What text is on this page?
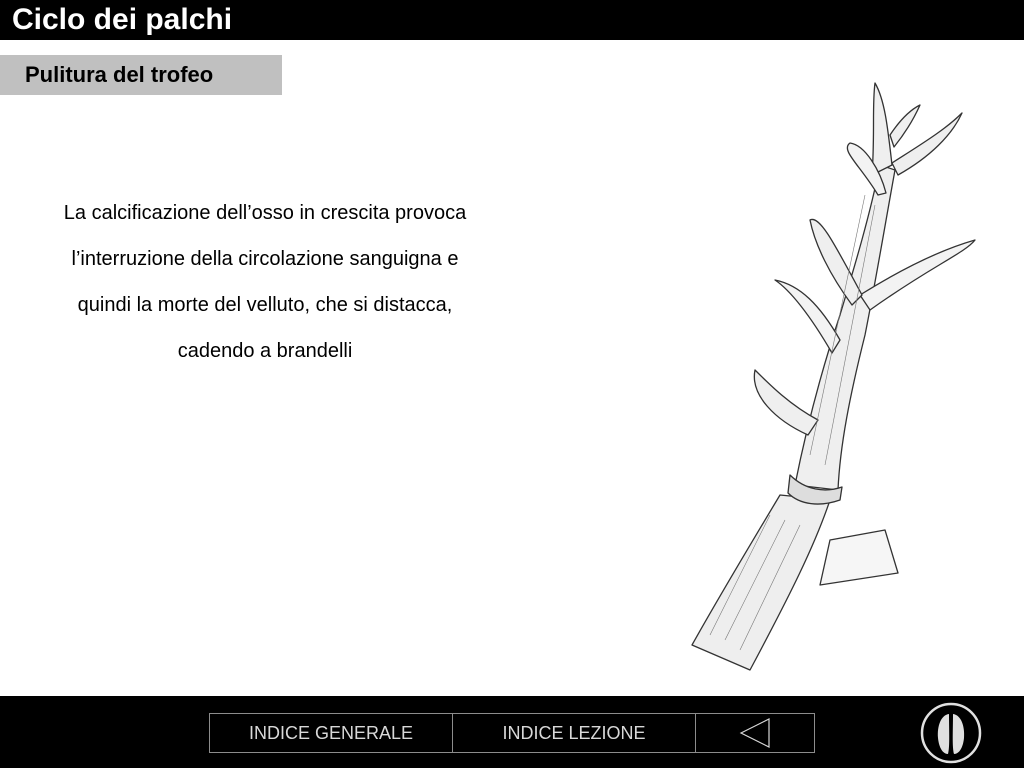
Ciclo dei palchi
Pulitura del trofeo
La calcificazione dell’osso in crescita provoca l’interruzione della circolazione sanguigna e quindi la morte del velluto, che si distacca, cadendo a brandelli
INDICE GENERALE	INDICE LEZIONE
